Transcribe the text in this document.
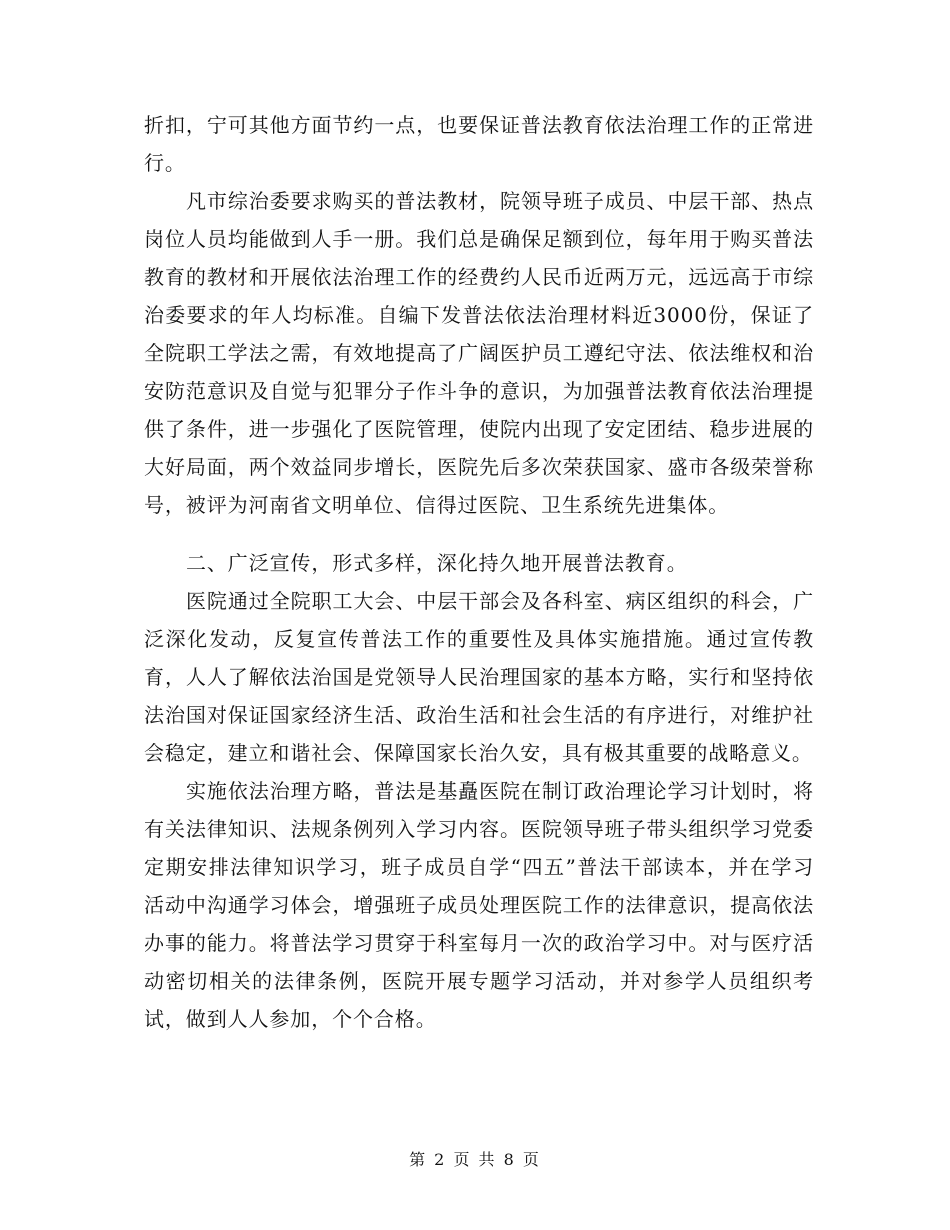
折扣，宁可其他方面节约一点，也要保证普法教育依法治理工作的正常进行。

凡市综治委要求购买的普法教材，院领导班子成员、中层干部、热点岗位人员均能做到人手一册。我们总是确保足额到位，每年用于购买普法教育的教材和开展依法治理工作的经费约人民币近两万元，远远高于市综治委要求的年人均标准。自编下发普法依法治理材料近3000份，保证了全院职工学法之需，有效地提高了广阔医护员工遵纪守法、依法维权和治安防范意识及自觉与犯罪分子作斗争的意识，为加强普法教育依法治理提供了条件，进一步强化了医院管理，使院内出现了安定团结、稳步进展的大好局面，两个效益同步增长，医院先后多次荣获国家、盛市各级荣誉称号，被评为河南省文明单位、信得过医院、卫生系统先进集体。

二、广泛宣传，形式多样，深化持久地开展普法教育。

医院通过全院职工大会、中层干部会及各科室、病区组织的科会，广泛深化发动，反复宣传普法工作的重要性及具体实施措施。通过宣传教育，人人了解依法治国是党领导人民治理国家的基本方略，实行和坚持依法治国对保证国家经济生活、政治生活和社会生活的有序进行，对维护社会稳定，建立和谐社会、保障国家长治久安，具有极其重要的战略意义。

实施依法治理方略，普法是基矗医院在制订政治理论学习计划时，将有关法律知识、法规条例列入学习内容。医院领导班子带头组织学习党委定期安排法律知识学习，班子成员自学“四五”普法干部读本，并在学习活动中沟通学习体会，增强班子成员处理医院工作的法律意识，提高依法办事的能力。将普法学习贯穿于科室每月一次的政治学习中。对与医疗活动密切相关的法律条例，医院开展专题学习活动，并对参学人员组织考试，做到人人参加，个个合格。

第 2 页 共 8 页
